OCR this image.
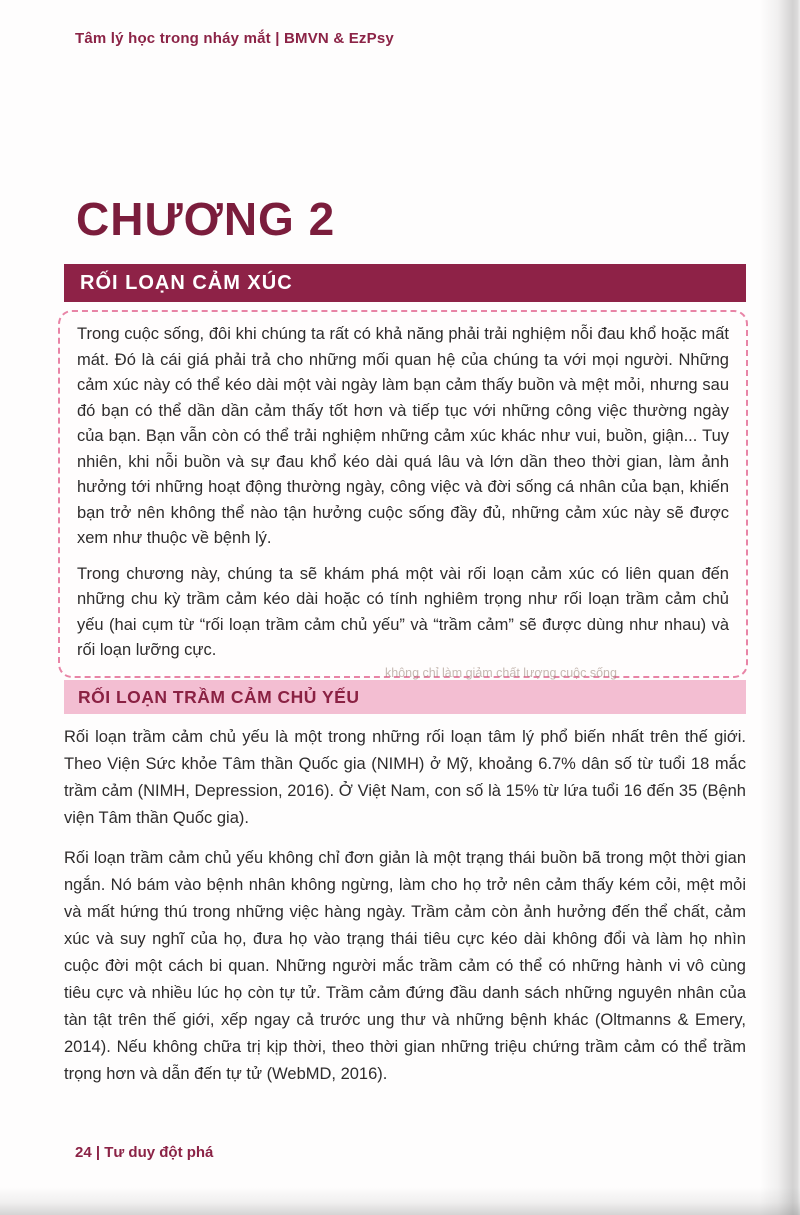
Tâm lý học trong nháy mắt | BMVN & EzPsy
CHƯƠNG 2
RỐI LOẠN CẢM XÚC

Trong cuộc sống, đôi khi chúng ta rất có khả năng phải trải nghiệm nỗi đau khổ hoặc mất mát. Đó là cái giá phải trả cho những mối quan hệ của chúng ta với mọi người. Những cảm xúc này có thể kéo dài một vài ngày làm bạn cảm thấy buồn và mệt mỏi, nhưng sau đó bạn có thể dần dần cảm thấy tốt hơn và tiếp tục với những công việc thường ngày của bạn. Bạn vẫn còn có thể trải nghiệm những cảm xúc khác như vui, buồn, giận... Tuy nhiên, khi nỗi buồn và sự đau khổ kéo dài quá lâu và lớn dần theo thời gian, làm ảnh hưởng tới những hoạt động thường ngày, công việc và đời sống cá nhân của bạn, khiến bạn trở nên không thể nào tận hưởng cuộc sống đầy đủ, những cảm xúc này sẽ được xem như thuộc về bệnh lý.

Trong chương này, chúng ta sẽ khám phá một vài rối loạn cảm xúc có liên quan đến những chu kỳ trầm cảm kéo dài hoặc có tính nghiêm trọng như rối loạn trầm cảm chủ yếu (hai cụm từ “rối loạn trầm cảm chủ yếu” và “trầm cảm” sẽ được dùng như nhau) và rối loạn lưỡng cực.

không chỉ làm giảm chất lượng cuộc sống
RỐI LOẠN TRẦM CẢM CHỦ YẾU

Rối loạn trầm cảm chủ yếu là một trong những rối loạn tâm lý phổ biến nhất trên thế giới. Theo Viện Sức khỏe Tâm thần Quốc gia (NIMH) ở Mỹ, khoảng 6.7% dân số từ tuổi 18 mắc trầm cảm (NIMH, Depression, 2016). Ở Việt Nam, con số là 15% từ lứa tuổi 16 đến 35 (Bệnh viện Tâm thần Quốc gia).

Rối loạn trầm cảm chủ yếu không chỉ đơn giản là một trạng thái buồn bã trong một thời gian ngắn. Nó bám vào bệnh nhân không ngừng, làm cho họ trở nên cảm thấy kém cỏi, mệt mỏi và mất hứng thú trong những việc hàng ngày. Trầm cảm còn ảnh hưởng đến thể chất, cảm xúc và suy nghĩ của họ, đưa họ vào trạng thái tiêu cực kéo dài không đổi và làm họ nhìn cuộc đời một cách bi quan. Những người mắc trầm cảm có thể có những hành vi vô cùng tiêu cực và nhiều lúc họ còn tự tử. Trầm cảm đứng đầu danh sách những nguyên nhân của tàn tật trên thế giới, xếp ngay cả trước ung thư và những bệnh khác (Oltmanns & Emery, 2014). Nếu không chữa trị kịp thời, theo thời gian những triệu chứng trầm cảm có thể trầm trọng hơn và dẫn đến tự tử (WebMD, 2016).

24 | Tư duy đột phá
